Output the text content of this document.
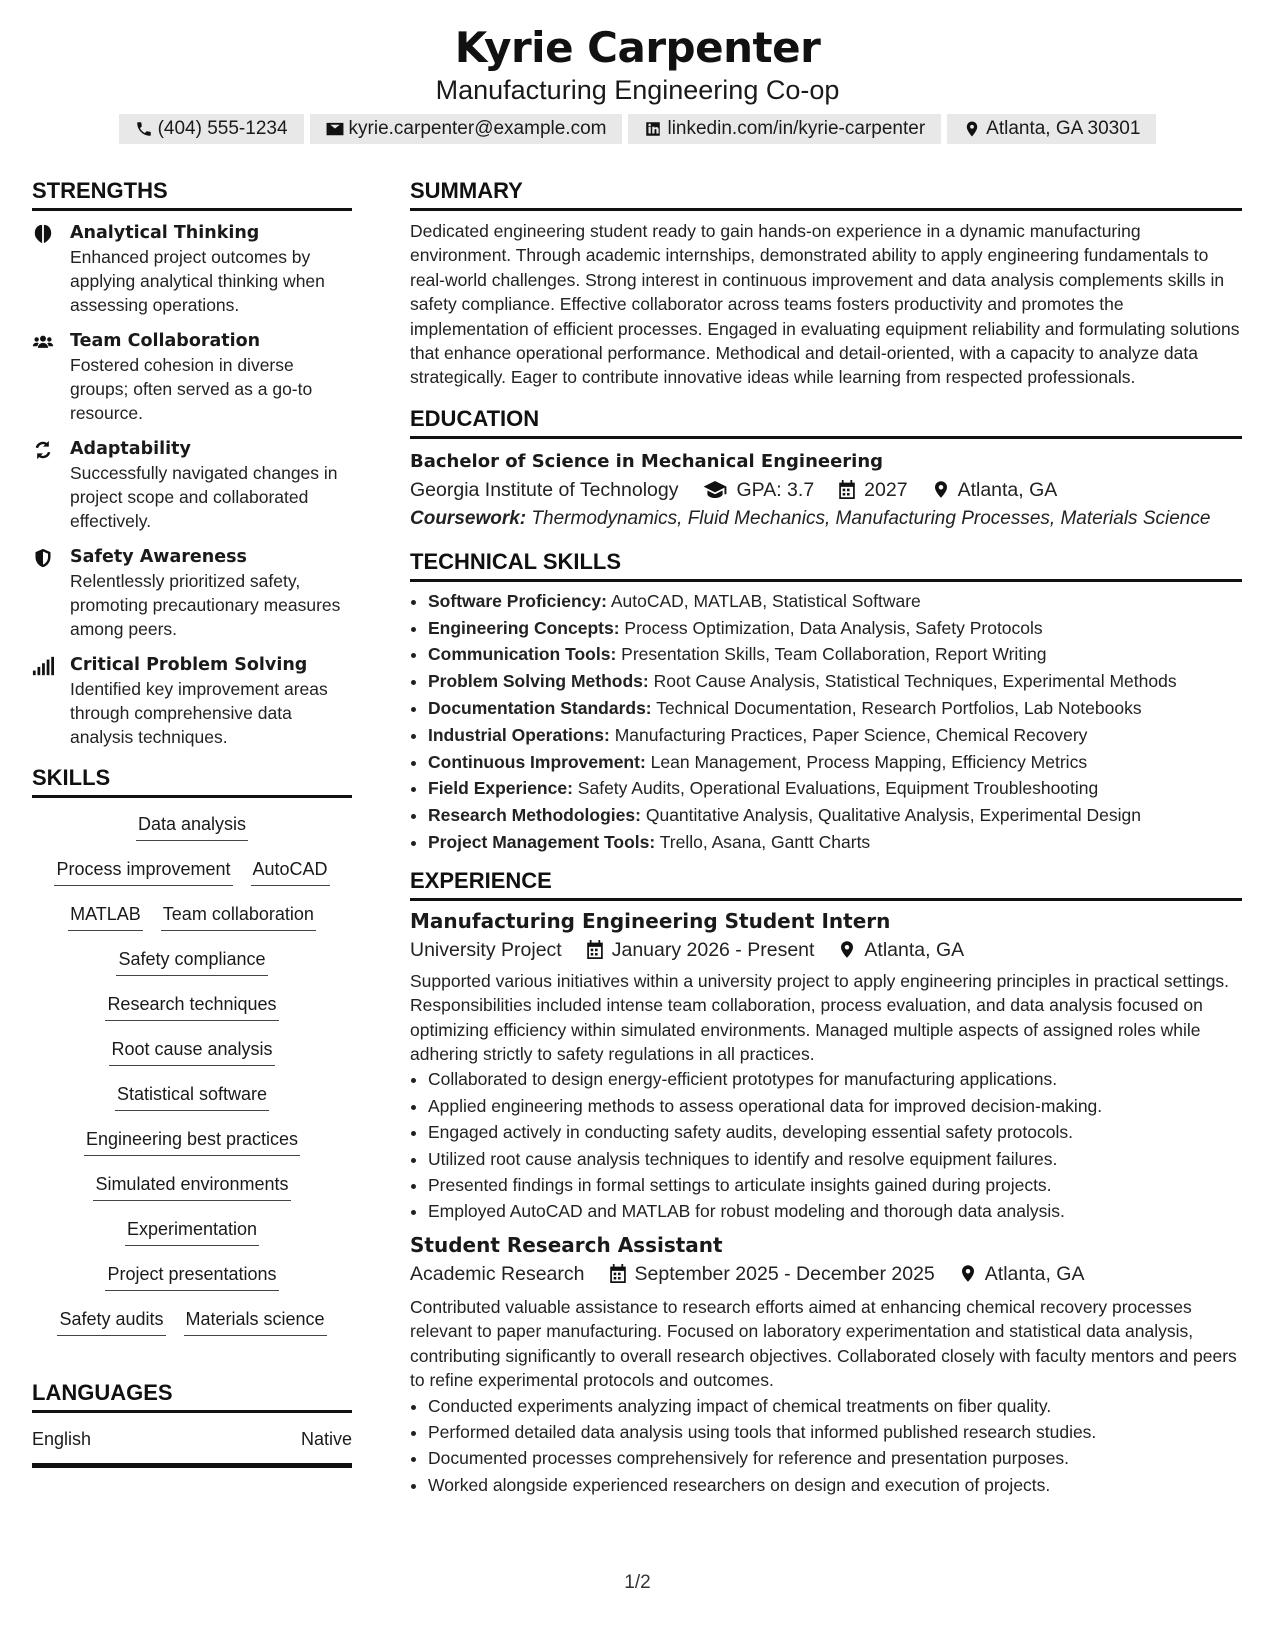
Kyrie Carpenter
Manufacturing Engineering Co-op
(404) 555-1234	kyrie.carpenter@example.com	linkedin.com/in/kyrie-carpenter	Atlanta, GA 30301
STRENGTHS
Analytical Thinking
Enhanced project outcomes by applying analytical thinking when assessing operations.
Team Collaboration
Fostered cohesion in diverse groups; often served as a go-to resource.
Adaptability
Successfully navigated changes in project scope and collaborated effectively.
Safety Awareness
Relentlessly prioritized safety, promoting precautionary measures among peers.
Critical Problem Solving
Identified key improvement areas through comprehensive data analysis techniques.
SKILLS
Data analysis
Process improvement AutoCAD
MATLAB Team collaboration
Safety compliance
Research techniques
Root cause analysis
Statistical software
Engineering best practices
Simulated environments
Experimentation
Project presentations
Safety audits Materials science
LANGUAGES
English	Native
SUMMARY

Dedicated engineering student ready to gain hands-on experience in a dynamic manufacturing environment. Through academic internships, demonstrated ability to apply engineering fundamentals to real-world challenges. Strong interest in continuous improvement and data analysis complements skills in safety compliance. Effective collaborator across teams fosters productivity and promotes the implementation of efficient processes. Engaged in evaluating equipment reliability and formulating solutions that enhance operational performance. Methodical and detail-oriented, with a capacity to analyze data strategically. Eager to contribute innovative ideas while learning from respected professionals.

EDUCATION
Bachelor of Science in Mechanical Engineering
Georgia Institute of Technology	GPA: 3.7	2027	Atlanta, GA
Coursework: Thermodynamics, Fluid Mechanics, Manufacturing Processes, Materials Science
TECHNICAL SKILLS
• Software Proficiency: AutoCAD, MATLAB, Statistical Software
• Engineering Concepts: Process Optimization, Data Analysis, Safety Protocols
• Communication Tools: Presentation Skills, Team Collaboration, Report Writing
• Problem Solving Methods: Root Cause Analysis, Statistical Techniques, Experimental Methods
• Documentation Standards: Technical Documentation, Research Portfolios, Lab Notebooks
• Industrial Operations: Manufacturing Practices, Paper Science, Chemical Recovery
• Continuous Improvement: Lean Management, Process Mapping, Efficiency Metrics
• Field Experience: Safety Audits, Operational Evaluations, Equipment Troubleshooting
• Research Methodologies: Quantitative Analysis, Qualitative Analysis, Experimental Design
• Project Management Tools: Trello, Asana, Gantt Charts
EXPERIENCE
Manufacturing Engineering Student Intern
University Project	January 2026 - Present	Atlanta, GA

Supported various initiatives within a university project to apply engineering principles in practical settings. Responsibilities included intense team collaboration, process evaluation, and data analysis focused on optimizing efficiency within simulated environments. Managed multiple aspects of assigned roles while adhering strictly to safety regulations in all practices.

• Collaborated to design energy-efficient prototypes for manufacturing applications.
• Applied engineering methods to assess operational data for improved decision-making.
• Engaged actively in conducting safety audits, developing essential safety protocols.
• Utilized root cause analysis techniques to identify and resolve equipment failures.
• Presented findings in formal settings to articulate insights gained during projects.
• Employed AutoCAD and MATLAB for robust modeling and thorough data analysis.
Student Research Assistant
Academic Research	September 2025 - December 2025	Atlanta, GA

Contributed valuable assistance to research efforts aimed at enhancing chemical recovery processes relevant to paper manufacturing. Focused on laboratory experimentation and statistical data analysis, contributing significantly to overall research objectives. Collaborated closely with faculty mentors and peers to refine experimental protocols and outcomes.

• Conducted experiments analyzing impact of chemical treatments on fiber quality.
• Performed detailed data analysis using tools that informed published research studies.
• Documented processes comprehensively for reference and presentation purposes.
• Worked alongside experienced researchers on design and execution of projects.
1/2
